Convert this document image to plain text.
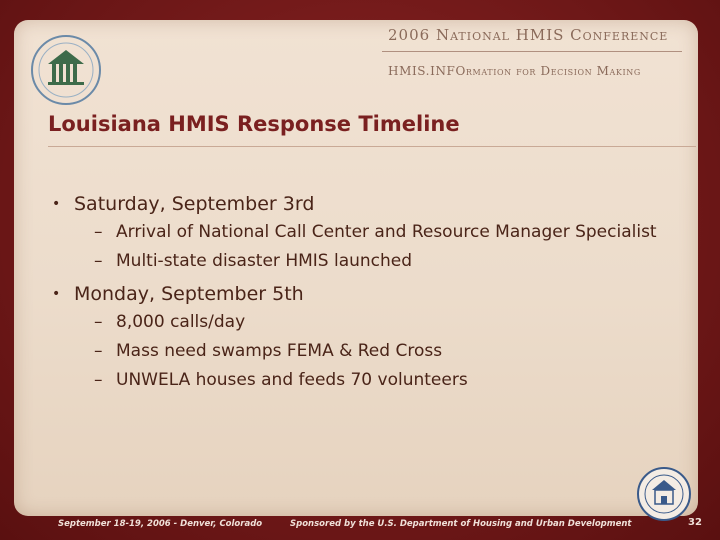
2006 National HMIS Conference
HMIS.INFOrmation for Decision Making
Louisiana HMIS Response Timeline
• Saturday, September 3rd
– Arrival of National Call Center and Resource Manager Specialist
– Multi-state disaster HMIS launched
• Monday, September 5th
– 8,000 calls/day
– Mass need swamps FEMA & Red Cross
– UNWELA houses and feeds 70 volunteers
September 18-19, 2006 - Denver, Colorado	Sponsored by the U.S. Department of Housing and Urban Development	32
